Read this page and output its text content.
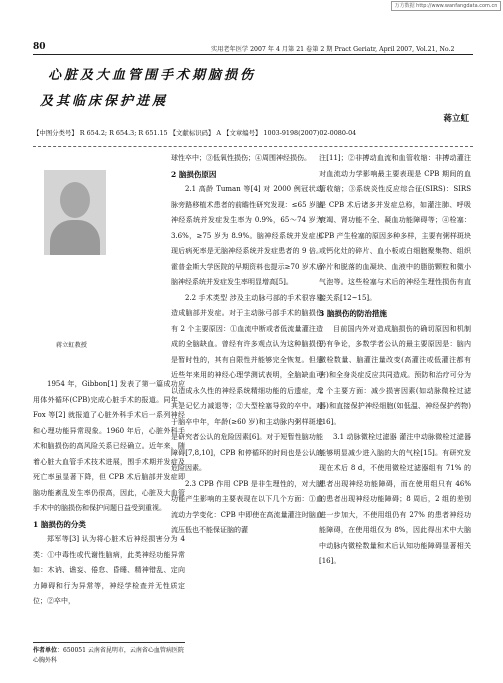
万方数据 http://www.wanfangdata.com.cn
80	实用老年医学 2007 年 4 月第 21 卷第 2 期 Pract Geriatr, April 2007, Vol.21, No.2
心脏及大血管围手术期脑损伤
及其临床保护进展
蒋立虹
【中图分类号】 R 654.2; R 654.3; R 651.15 【文献标识码】 A 【文章编号】 1003-9198(2007)02-0080-04
蒋立虹教授

1954 年，Gibbon[1] 发表了第一篇成功应用体外循环(CPB)完成心脏手术的报道。同年，Fox 等[2] 就报道了心脏外科手术后一系列神经和心理功能异常现象。1960 年后，心脏外科手术和脑损伤的高风险关系已经确立。近年来，随着心脏大血管手术技术进展，围手术期并发症及死亡率虽显著下降，但 CPB 术后脑部并发症即脑功能紊乱发生率仍很高，因此，心脏及大血管手术中的脑损伤和保护问题日益受到重视。

1 脑损伤的分类

郑军等[3] 认为将心脏术后神经损害分为 4 类：①中毒性或代谢性脑病，此类神经功能异常如：木讷、谵妄、倦怠、昏睡、精神错乱、定向力障碍和行为异常等，神经学检查并无性质定位；②卒中，

球性卒中；③低氧性损伤；④周围神经损伤。

2 脑损伤原因

2.1 高龄 Tuman 等[4] 对 2000 例冠状动脉旁路移植术患者的前瞻性研究发现：≤65 岁脑神经系统并发症发生率为 0.9%，65～74 岁为 3.6%，≥75 岁为 8.9%。脑神经系统并发症出现后病死率是无脑神经系统并发症患者的 9 倍。霍普金斯大学医院的早期资料也提示≥70 岁术后脑神经系统并发症发生率明显增高[5]。

2.2 手术类型 涉及主动脉弓部的手术很容易造成脑部并发症。对于主动脉弓部手术的脑损伤有 2 个主要原因：①血流中断或者低流量灌注造成的全脑缺血。曾经有许多观点认为这种脑损伤是暂时性的，其有自限性并能够完全恢复。但是近些年来用的神经心理学测试表明，全脑缺血可以造成永久性的神经系统精细功能的后遗症，尤其是记忆力减退等；②大型栓塞导致的卒中。对于脑卒中年，年龄(≥60 岁)和主动脉内粥样斑块是研究者公认的危险因素[6]。对于短暂性脑功能障碍[7,8,10]，CPB 和停循环的时间也是公认的危险因素。

2.3 CPB 作用 CPB 是非生理性的，对大脑功能产生影响的主要表现在以下几个方面：①血流动力学变化：CPB 中即使在高流量灌注时脑血流压低也不能保证脑的灌

注[11]；②非搏动血流和血管收缩：非搏动灌注对血流动力学影响最主要表现是 CPB 期间的血管收缩；③系统炎性反应综合征(SIRS)：SIRS 是 CPB 术后诸多并发症总称，如灌注肺、呼吸衰竭、肾功能不全、凝血功能障碍等；④栓塞：CPB 产生栓塞的原因多种多样，主要有粥样斑块或钙化灶的碎片、血小板或白细胞聚集物、组织碎片和脱落的血凝块、血液中的脂肪颗粒和微小气泡等。这些栓塞与术后的神经生理性损伤有直接关系[12~15]。

3 脑损伤的防治措施

目前国内外对造成脑损伤的确切原因和机制仍有争论，多数学者公认的最主要原因是：脑内微栓数量、脑灌注量改变(高灌注或低灌注都有害)和全身炎症反应共同造成。预防和治疗可分为 2 个主要方面：减少损害因素(如动脉微栓过滤器)和直接保护神经细胞(如低温、神经保护药物)[16]。

3.1 动脉微栓过滤器 灌注中动脉微栓过滤器能够明显减少进入脑的大的气栓[15]。有研究发现在术后 8 d，不使用微栓过滤器组有 71% 的患者出现神经功能障碍，而在使用组只有 46% 的患者出现神经功能障碍；8 周后，2 组的差别进一步加大，不使用组仍有 27% 的患者神经功能障碍，在使用组仅为 8%，因此得出术中大脑中动脉内微栓数量和术后认知功能障碍显著相关[16]。

作者单位：650051 云南省昆明市，云南省心血管病医院心胸外科
